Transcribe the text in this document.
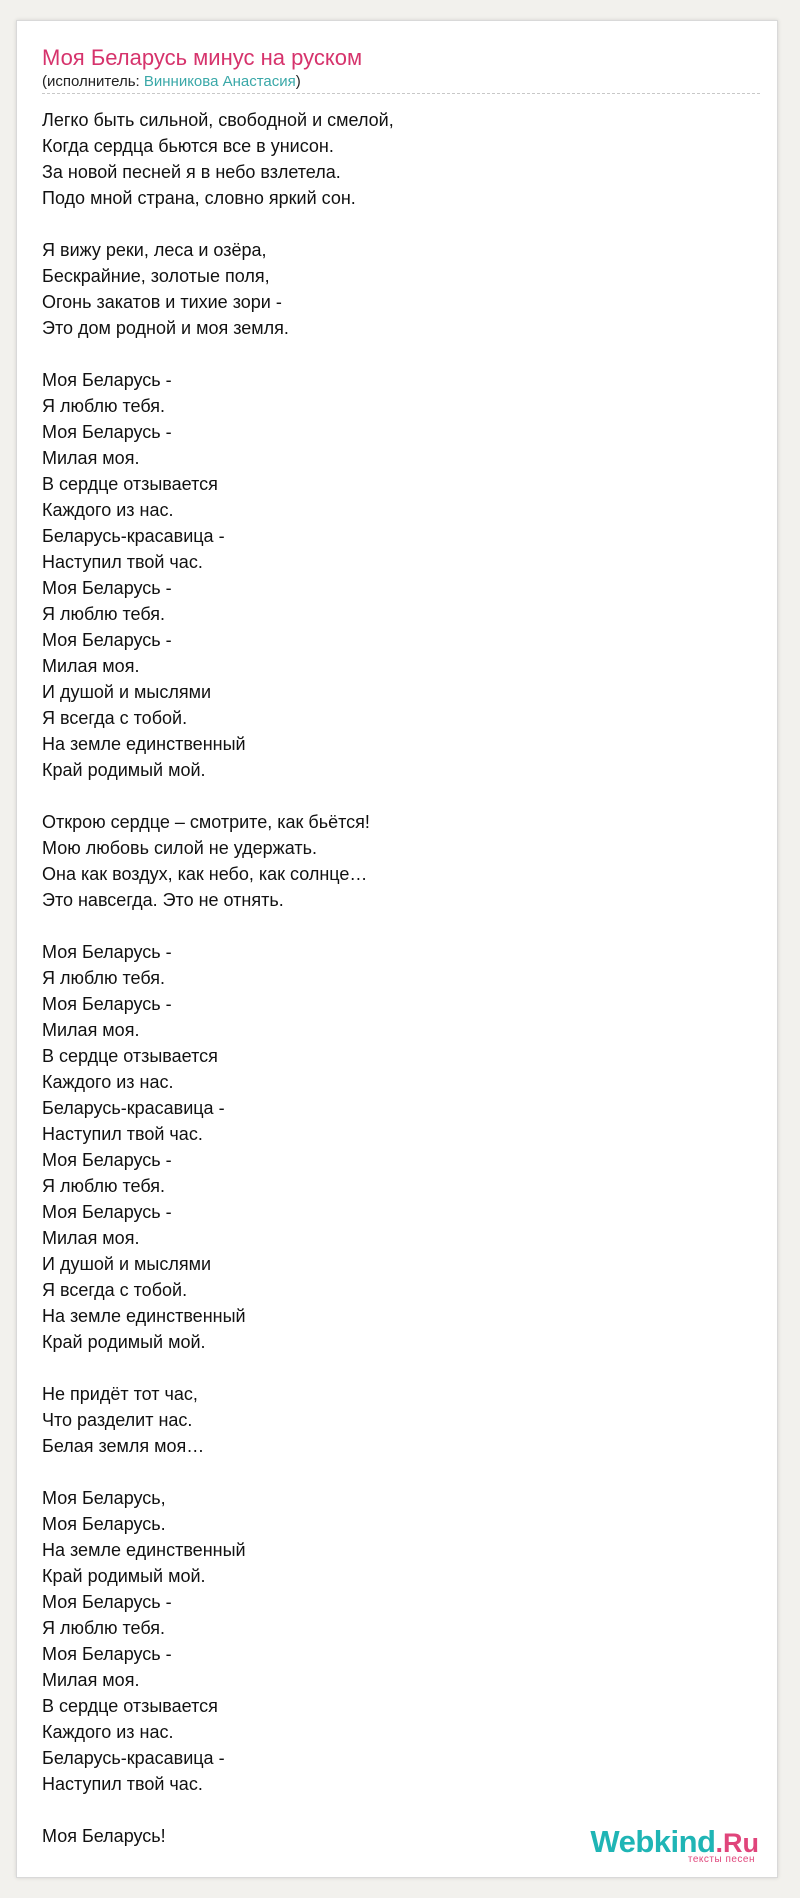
Моя Беларусь минус на руском
(исполнитель: Винникова Анастасия)
Легко быть сильной, свободной и смелой,
Когда сердца бьются все в унисон.
За новой песней я в небо взлетела.
Подо мной страна, словно яркий сон.
Я вижу реки, леса и озёра,
Бескрайние, золотые поля,
Огонь закатов и тихие зори -
Это дом родной и моя земля.
Моя Беларусь -
Я люблю тебя.
Моя Беларусь -
Милая моя.
В сердце отзывается
Каждого из нас.
Беларусь-красавица -
Наступил твой час.
Моя Беларусь -
Я люблю тебя.
Моя Беларусь -
Милая моя.
И душой и мыслями
Я всегда с тобой.
На земле единственный
Край родимый мой.
Открою сердце – смотрите, как бьётся!
Мою любовь силой не удержать.
Она как воздух, как небо, как солнце…
Это навсегда. Это не отнять.
Моя Беларусь -
Я люблю тебя.
Моя Беларусь -
Милая моя.
В сердце отзывается
Каждого из нас.
Беларусь-красавица -
Наступил твой час.
Моя Беларусь -
Я люблю тебя.
Моя Беларусь -
Милая моя.
И душой и мыслями
Я всегда с тобой.
На земле единственный
Край родимый мой.
Не придёт тот час,
Что разделит нас.
Белая земля моя…
Моя Беларусь,
Моя Беларусь.
На земле единственный
Край родимый мой.
Моя Беларусь -
Я люблю тебя.
Моя Беларусь -
Милая моя.
В сердце отзывается
Каждого из нас.
Беларусь-красавица -
Наступил твой час.
Моя Беларусь!	Webkind.Ru
тексты песен
